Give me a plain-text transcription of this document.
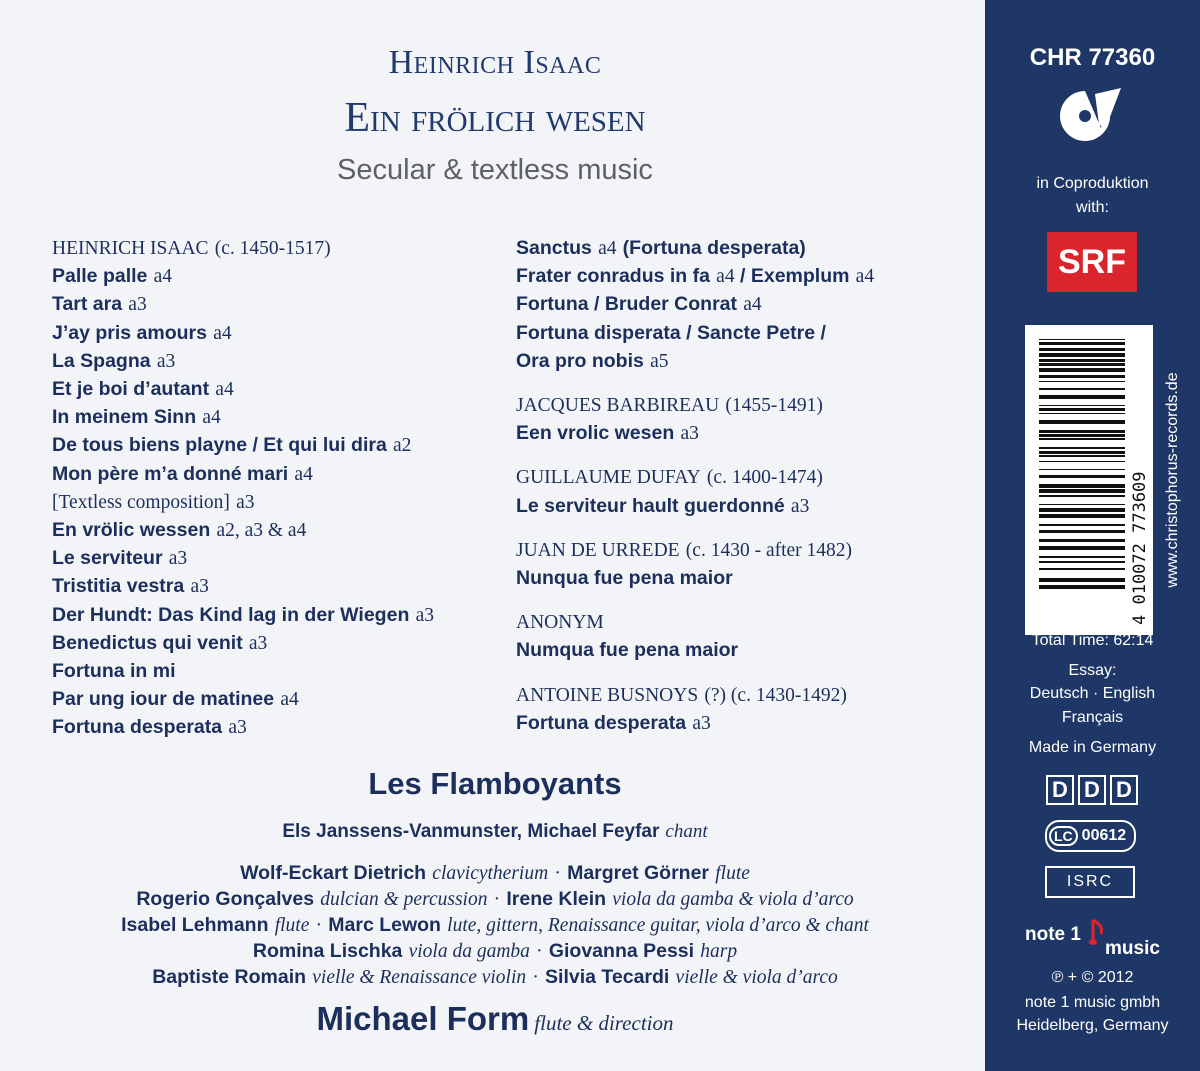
Heinrich Isaac
Ein frölich wesen
Secular & textless music
HEINRICH ISAAC (c. 1450-1517)
Palle palle a4
Tart ara a3
J’ay pris amours a4
La Spagna a3
Et je boi d’autant a4
In meinem Sinn a4
De tous biens playne / Et qui lui dira a2
Mon père m’a donné mari a4
[Textless composition] a3
En vrölic wessen a2, a3 & a4
Le serviteur a3
Tristitia vestra a3
Der Hundt: Das Kind lag in der Wiegen a3
Benedictus qui venit a3
Fortuna in mi
Par ung iour de matinee a4
Fortuna desperata a3
Sanctus a4 (Fortuna desperata)
Frater conradus in fa a4 / Exemplum a4
Fortuna / Bruder Conrat a4
Fortuna disperata / Sancte Petre /
Ora pro nobis a5
JACQUES BARBIREAU (1455-1491)
Een vrolic wesen a3
GUILLAUME DUFAY (c. 1400-1474)
Le serviteur hault guerdonné a3
JUAN DE URREDE (c. 1430 - after 1482)
Nunqua fue pena maior
ANONYM
Numqua fue pena maior
ANTOINE BUSNOYS (?) (c. 1430-1492)
Fortuna desperata a3
Les Flamboyants
Els Janssens-Vanmunster, Michael Feyfar chant
Wolf-Eckart Dietrich clavicytherium · Margret Görner flute
Rogerio Gonçalves dulcian & percussion · Irene Klein viola da gamba & viola d’arco
Isabel Lehmann flute · Marc Lewon lute, gittern, Renaissance guitar, viola d’arco & chant
Romina Lischka viola da gamba · Giovanna Pessi harp
Baptiste Romain vielle & Renaissance violin · Silvia Tecardi vielle & viola d’arco
Michael Form flute & direction
CHR 77360
in Coproduktion
with:
SRF
4 010072 773609 www.christophorus-records.de
Total Time: 62:14
Essay:
Deutsch · English
Français
Made in Germany
D D D
LC 00612
ISRC
note 1
music
℗ + © 2012
note 1 music gmbh
Heidelberg, Germany
